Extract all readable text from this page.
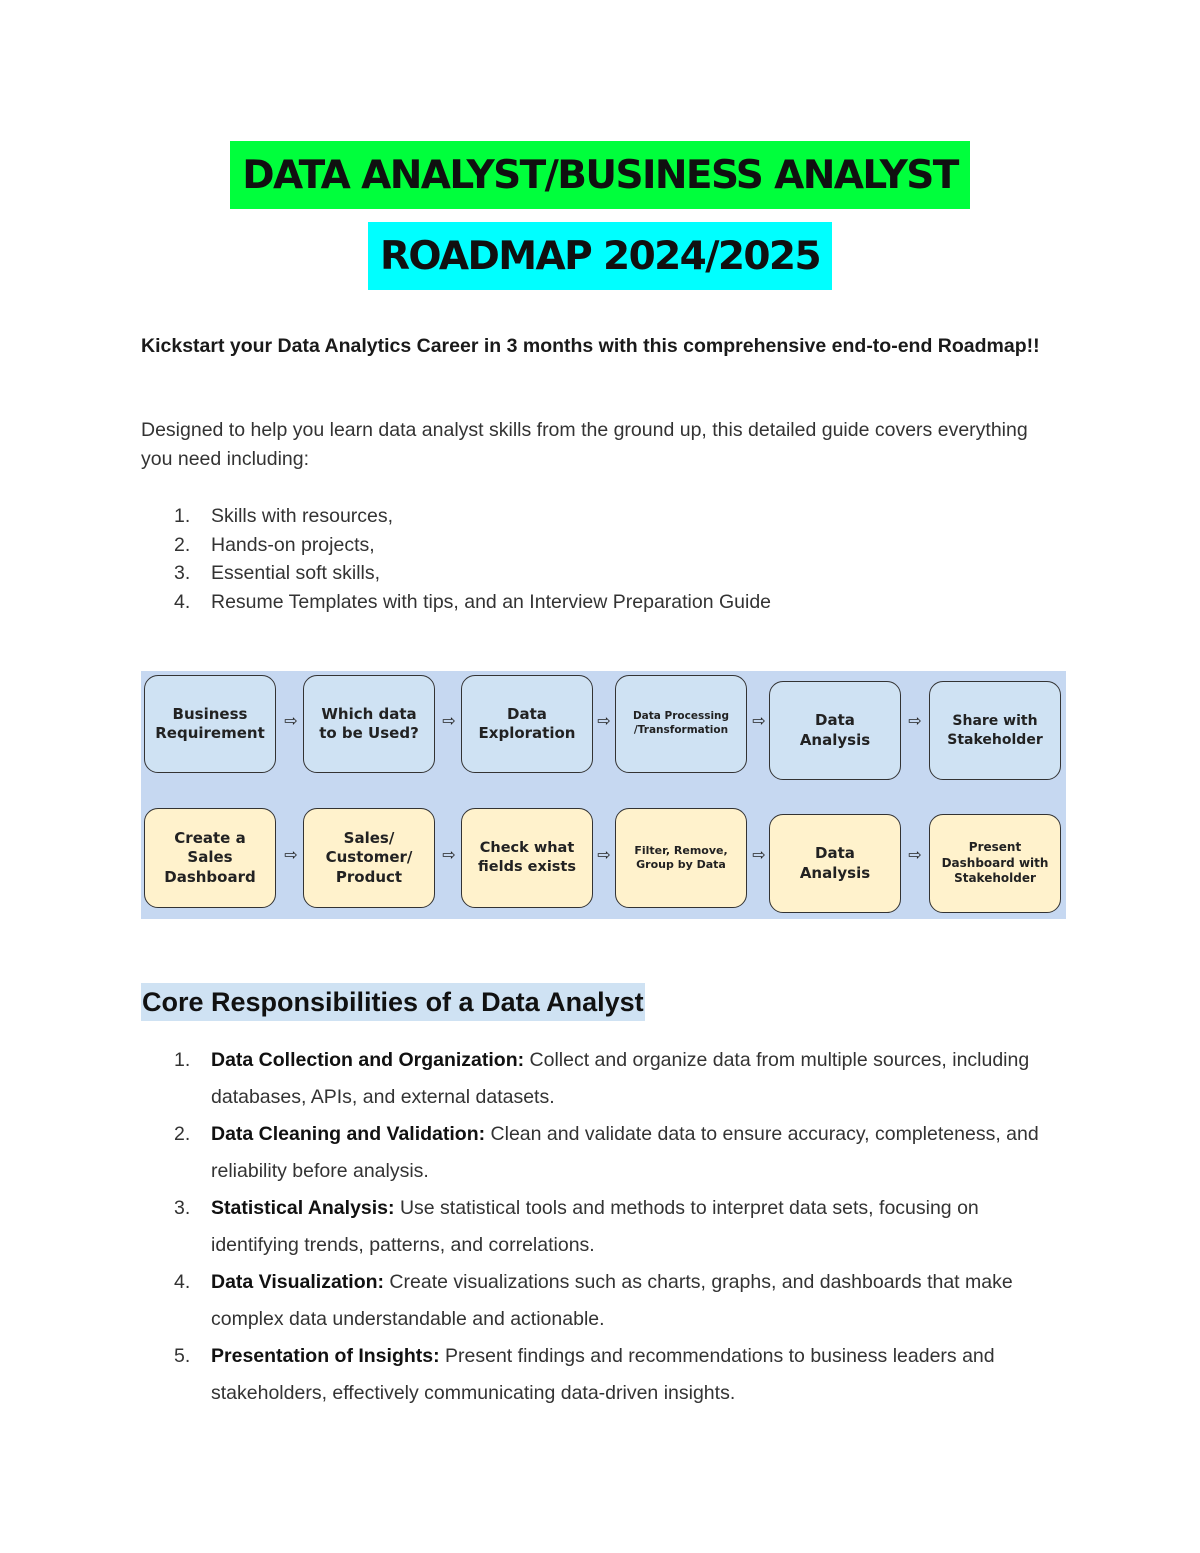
DATA ANALYST/BUSINESS ANALYST
ROADMAP 2024/2025

Kickstart your Data Analytics Career in 3 months with this comprehensive end-to-end Roadmap!!

Designed to help you learn data analyst skills from the ground up, this detailed guide covers everything you need including:

1.	Skills with resources,
2.	Hands-on projects,
3.	Essential soft skills,
4.	Resume Templates with tips, and an Interview Preparation Guide
Business
Requirement
⇨	Which data
to be Used?
⇨	Data
Exploration
⇨	Data Processing
/Transformation	⇨	Data
Analysis
⇨	Share with
Stakeholder
Create a
Sales
Dashboard
⇨
Sales/
Customer/
Product
⇨	Check what
fields exists
⇨	Filter, Remove,
Group by Data
⇨	Data
Analysis
⇨	Present
Dashboard with
Stakeholder
Core Responsibilities of a Data Analyst
1.	Data Collection and Organization: Collect and organize data from multiple sources, including databases, APIs, and external datasets.
2.	Data Cleaning and Validation: Clean and validate data to ensure accuracy, completeness, and reliability before analysis.
3.	Statistical Analysis: Use statistical tools and methods to interpret data sets, focusing on identifying trends, patterns, and correlations.
4.	Data Visualization: Create visualizations such as charts, graphs, and dashboards that make complex data understandable and actionable.
5.	Presentation of Insights: Present findings and recommendations to business leaders and stakeholders, effectively communicating data-driven insights.
